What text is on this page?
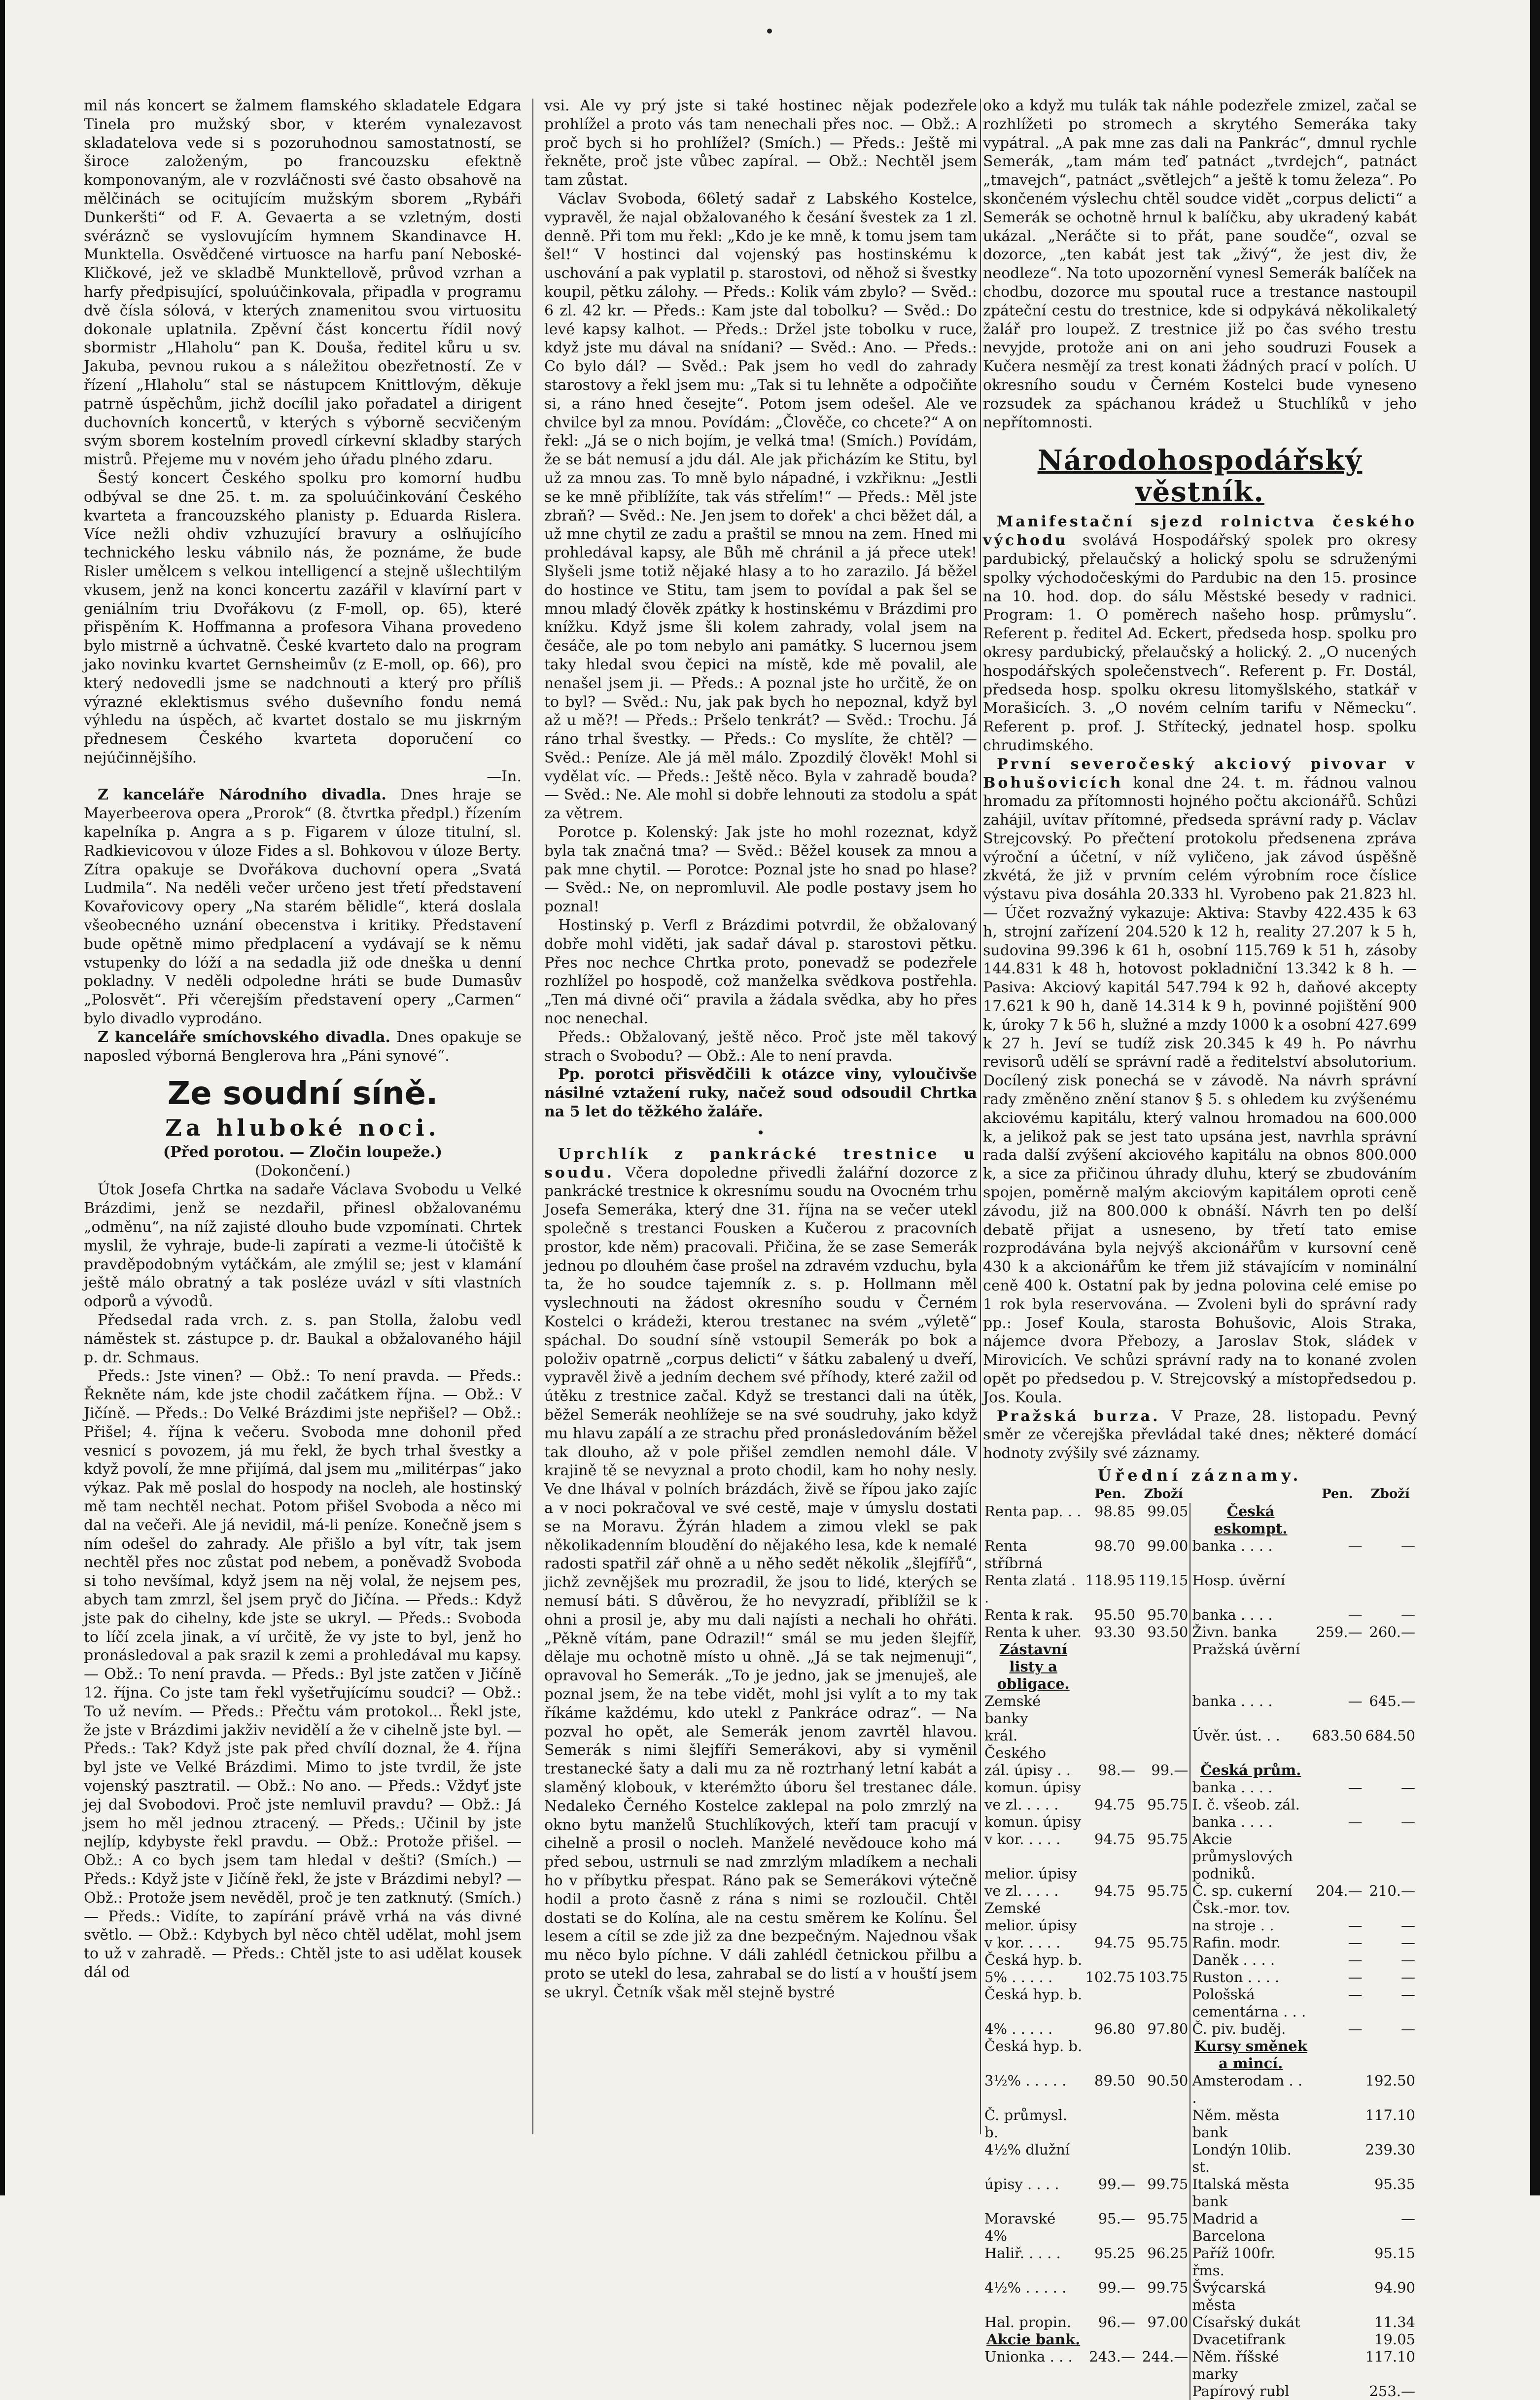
mil nás koncert se žalmem flamského skladatele Edgara Tinela pro mužský sbor, v kterém vynalezavost skladatelova vede si s pozoruhodnou samostatností, se široce založeným, po francouzsku efektně komponovaným, ale v rozvláčnosti své často obsahově na mělčinách se ocitujícím mužským sborem „Rybáři Dunkeršti“ od F. A. Gevaerta a se vzletným, dosti svéráznč se vyslovujícím hymnem Skandinavce H. Munktella. Osvědčené virtuosce na harfu paní Neboské-Kličkové, jež ve skladbě Munktellově, průvod vzrhan a harfy předpisující, spoluúčinkovala, připadla v programu dvě čísla sólová, v kterých znamenitou svou virtuositu dokonale uplatnila. Zpěvní část koncertu řídil nový sbormistr „Hlaholu“ pan K. Douša, ředitel kůru u sv. Jakuba, pevnou rukou a s náležitou obezřetností. Ze v řízení „Hlaholu“ stal se nástupcem Knittlovým, děkuje patrně úspěchům, jichž docílil jako pořadatel a dirigent duchovních koncertů, v kterých s výborně secvičeným svým sborem kostelním provedl církevní skladby starých mistrů. Přejeme mu v novém jeho úřadu plného zdaru.

Šestý koncert Českého spolku pro komorní hudbu odbýval se dne 25. t. m. za spoluúčinkování Českého kvarteta a francouzského planisty p. Eduarda Rislera. Více nežli ohdiv vzhuzující bravury a oslňujícího technického lesku vábnilo nás, že poznáme, že bude Risler umělcem s velkou intelligencí a stejně ušlechtilým vkusem, jenž na konci koncertu zazářil v klavírní part v geniálním triu Dvořákovu (z F-moll, op. 65), které přispěním K. Hoffmanna a profesora Vihana provedeno bylo mistrně a úchvatně. České kvarteto dalo na program jako novinku kvartet Gernsheimův (z E-moll, op. 66), pro který nedovedli jsme se nadchnouti a který pro příliš výrazné eklektismus svého duševního fondu nemá výhledu na úspěch, ač kvartet dostalo se mu jiskrným přednesem Českého kvarteta doporučení co nejúčinnějšího.

—In.

Z kanceláře Národního divadla. Dnes hraje se Mayerbeerova opera „Prorok“ (8. čtvrtka předpl.) řízením kapelníka p. Angra a s p. Figarem v úloze titulní, sl. Radkievicovou v úloze Fides a sl. Bohkovou v úloze Berty. Zítra opakuje se Dvořákova duchovní opera „Svatá Ludmila“. Na neděli večer určeno jest třetí představení Kovařovicovy opery „Na starém bělidle“, která doslala všeobecného uznání obecenstva i kritiky. Představení bude opětně mimo předplacení a vydávají se k němu vstupenky do lóží a na sedadla již ode dneška u denní pokladny. V neděli odpoledne hráti se bude Dumasův „Polosvět“. Při včerejším představení opery „Carmen“ bylo divadlo vyprodáno.

Z kanceláře smíchovského divadla. Dnes opakuje se naposled výborná Benglerova hra „Páni synové“.

Ze soudní síně.
Za hluboké noci.
(Před porotou. — Zločin loupeže.)
(Dokončení.)

Útok Josefa Chrtka na sadaře Václava Svobodu u Velké Brázdimi, jenž se nezdařil, přinesl obžalovanému „odměnu“, na níž zajisté dlouho bude vzpomínati. Chrtek myslil, že vyhraje, bude-li zapírati a vezme-li útočiště k pravděpodobným vytáčkám, ale zmýlil se; jest v klamání ještě málo obratný a tak posléze uvázl v síti vlastních odporů a vývodů.

Předsedal rada vrch. z. s. pan Stolla, žalobu vedl náměstek st. zástupce p. dr. Baukal a obžalovaného hájil p. dr. Schmaus.

Předs.: Jste vinen? — Obž.: To není pravda. — Předs.: Řekněte nám, kde jste chodil začátkem října. — Obž.: V Jičíně. — Předs.: Do Velké Brázdimi jste nepřišel? — Obž.: Přišel; 4. října k večeru. Svoboda mne dohonil před vesnicí s povozem, já mu řekl, že bych trhal švestky a když povolí, že mne přijímá, dal jsem mu „militérpas“ jako výkaz. Pak mě poslal do hospody na nocleh, ale hostinský mě tam nechtěl nechat. Potom přišel Svoboda a něco mi dal na večeři. Ale já nevidil, má-li peníze. Konečně jsem s ním odešel do zahrady. Ale přišlo a byl vítr, tak jsem nechtěl přes noc zůstat pod nebem, a poněvadž Svoboda si toho nevšímal, když jsem na něj volal, že nejsem pes, abych tam zmrzl, šel jsem pryč do Jičína. — Předs.: Když jste pak do cihelny, kde jste se ukryl. — Předs.: Svoboda to líčí zcela jinak, a ví určitě, že vy jste to byl, jenž ho pronásledoval a pak srazil k zemi a prohledával mu kapsy. — Obž.: To není pravda. — Předs.: Byl jste zatčen v Jičíně 12. října. Co jste tam řekl vyšetřujícímu soudci? — Obž.: To už nevím. — Předs.: Přečtu vám protokol... Řekl jste, že jste v Brázdimi jakživ nevidělí a že v cihelně jste byl. — Předs.: Tak? Když jste pak před chvílí doznal, že 4. října byl jste ve Velké Brázdimi. Mimo to jste tvrdil, že jste vojenský pasztratil. — Obž.: No ano. — Předs.: Vždyť jste jej dal Svobodovi. Proč jste nemluvil pravdu? — Obž.: Já jsem ho měl jednou ztracený. — Předs.: Učinil by jste nejlíp, kdybyste řekl pravdu. — Obž.: Protože přišel. — Obž.: A co bych jsem tam hledal v dešti? (Smích.) — Předs.: Když jste v Jičíně řekl, že jste v Brázdimi nebyl? — Obž.: Protože jsem nevěděl, proč je ten zatknutý. (Smích.) — Předs.: Vidíte, to zapírání právě vrhá na vás divné světlo. — Obž.: Kdybych byl něco chtěl udělat, mohl jsem to už v zahradě. — Předs.: Chtěl jste to asi udělat kousek dál od

vsi. Ale vy prý jste si také hostinec nějak podezřele prohlížel a proto vás tam nenechali přes noc. — Obž.: A proč bych si ho prohlížel? (Smích.) — Předs.: Ještě mi řekněte, proč jste vůbec zapíral. — Obž.: Nechtěl jsem tam zůstat.

Václav Svoboda, 66letý sadař z Labského Kostelce, vypravěl, že najal obžalovaného k česání švestek za 1 zl. denně. Při tom mu řekl: „Kdo je ke mně, k tomu jsem tam šel!“ V hostinci dal vojenský pas hostinskému k uschování a pak vyplatil p. starostovi, od něhož si švestky koupil, pětku zálohy. — Předs.: Kolik vám zbylo? — Svěd.: 6 zl. 42 kr. — Předs.: Kam jste dal tobolku? — Svěd.: Do levé kapsy kalhot. — Předs.: Držel jste tobolku v ruce, když jste mu dával na snídani? — Svěd.: Ano. — Předs.: Co bylo dál? — Svěd.: Pak jsem ho vedl do zahrady starostovy a řekl jsem mu: „Tak si tu lehněte a odpočiňte si, a ráno hned česejte“. Potom jsem odešel. Ale ve chvilce byl za mnou. Povídám: „Člověče, co chcete?“ A on řekl: „Já se o nich bojím, je velká tma! (Smích.) Povídám, že se bát nemusí a jdu dál. Ale jak přicházím ke Stitu, byl už za mnou zas. To mně bylo nápadné, i vzkřiknu: „Jestli se ke mně přiblížíte, tak vás střelím!“ — Předs.: Měl jste zbraň? — Svěd.: Ne. Jen jsem to dořek' a chci běžet dál, a už mne chytil ze zadu a praštil se mnou na zem. Hned mi prohledával kapsy, ale Bůh mě chránil a já přece utek! Slyšeli jsme totiž nějaké hlasy a to ho zarazilo. Já běžel do hostince ve Stitu, tam jsem to povídal a pak šel se mnou mladý člověk zpátky k hostinskému v Brázdimi pro knížku. Když jsme šli kolem zahrady, volal jsem na česáče, ale po tom nebylo ani památky. S lucernou jsem taky hledal svou čepici na místě, kde mě povalil, ale nenašel jsem ji. — Předs.: A poznal jste ho určitě, že on to byl? — Svěd.: Nu, jak pak bych ho nepoznal, když byl až u mě?! — Předs.: Pršelo tenkrát? — Svěd.: Trochu. Já ráno trhal švestky. — Předs.: Co myslíte, že chtěl? — Svěd.: Peníze. Ale já měl málo. Zpozdilý člověk! Mohl si vydělat víc. — Předs.: Ještě něco. Byla v zahradě bouda? — Svěd.: Ne. Ale mohl si dobře lehnouti za stodolu a spát za větrem.

Porotce p. Kolenský: Jak jste ho mohl rozeznat, když byla tak značná tma? — Svěd.: Běžel kousek za mnou a pak mne chytil. — Porotce: Poznal jste ho snad po hlase? — Svěd.: Ne, on nepromluvil. Ale podle postavy jsem ho poznal!

Hostinský p. Verfl z Brázdimi potvrdil, že obžalovaný dobře mohl viděti, jak sadař dával p. starostovi pětku. Přes noc nechce Chrtka proto, ponevadž se podezřele rozhlížel po hospodě, což manželka svědkova postřehla. „Ten má divné oči“ pravila a žádala svědka, aby ho přes noc nenechal.

Předs.: Obžalovaný, ještě něco. Proč jste měl takový strach o Svobodu? — Obž.: Ale to není pravda.

Pp. porotci přisvědčili k otázce viny, vyloučivše násilné vztažení ruky, načež soud odsoudil Chrtka na 5 let do těžkého žaláře.

•

Uprchlík z pankrácké trestnice u soudu. Včera dopoledne přivedli žalářní dozorce z pankrácké trestnice k okresnímu soudu na Ovocném trhu Josefa Semeráka, který dne 31. října na se večer utekl společně s trestanci Fousken a Kučerou z pracovních prostor, kde něm) pracovali. Přičina, že se zase Semerák jednou po dlouhém čase prošel na zdravém vzduchu, byla ta, že ho soudce tajemník z. s. p. Hollmann měl vyslechnouti na žádost okresního soudu v Černém Kostelci o krádeži, kterou trestanec na svém „výletě“ spáchal. Do soudní síně vstoupil Semerák po bok a položiv opatrně „corpus delicti“ v šátku zabalený u dveří, vypravěl živě a jedním dechem své příhody, které zažil od útěku z trestnice začal. Když se trestanci dali na útěk, běžel Semerák neohlížeje se na své soudruhy, jako když mu hlavu zapálí a ze strachu před pronásledováním běžel tak dlouho, až v pole přišel zemdlen nemohl dále. V krajině tě se nevyznal a proto chodil, kam ho nohy nesly. Ve dne lhával v polních brázdách, živě se řípou jako zajíc a v noci pokračoval ve své cestě, maje v úmyslu dostati se na Moravu. Žýrán hladem a zimou vlekl se pak několikadenním bloudění do nějakého lesa, kde k nemalé radosti spatřil zář ohně a u něho sedět několik „šlejfířů“, jichž zevnějšek mu prozradil, že jsou to lidé, kterých se nemusí báti. S důvěrou, že ho nevyzradí, přiblížil se k ohni a prosil je, aby mu dali najísti a nechali ho ohřáti. „Pěkně vítám, pane Odrazil!“ smál se mu jeden šlejfíř, dělaje mu ochotně místo u ohně. „Já se tak nejmenuji“, opravoval ho Semerák. „To je jedno, jak se jmenuješ, ale poznal jsem, že na tebe vidět, mohl jsi vylít a to my tak říkáme každému, kdo utekl z Pankráce odraz“. — Na pozval ho opět, ale Semerák jenom zavrtěl hlavou. Semerák s nimi šlejfíři Semerákovi, aby si vyměnil trestanecké šaty a dali mu za ně roztrhaný letní kabát a slaměný klobouk, v kterémžto úboru šel trestanec dále. Nedaleko Černého Kostelce zaklepal na polo zmrzlý na okno bytu manželů Stuchlíkových, kteří tam pracují v cihelně a prosil o nocleh. Manželé nevědouce koho má před sebou, ustrnuli se nad zmrzlým mladíkem a nechali ho v příbytku přespat. Ráno pak se Semerákovi výtečně hodil a proto časně z rána s nimi se rozloučil. Chtěl dostati se do Kolína, ale na cestu směrem ke Kolínu. Šel lesem a cítil se zde již za dne bezpečným. Najednou však mu něco bylo píchne. V dáli zahlédl četnickou přilbu a proto se utekl do lesa, zahrabal se do listí a v houští jsem se ukryl. Četník však měl stejně bystré

oko a když mu tulák tak náhle podezřele zmizel, začal se rozhlížeti po stromech a skrytého Semeráka taky vypátral. „A pak mne zas dali na Pankrác“, dmnul rychle Semerák, „tam mám teď patnáct „tvrdejch“, patnáct „tmavejch“, patnáct „světlejch“ a ještě k tomu železa“. Po skončeném výslechu chtěl soudce vidět „corpus delicti“ a Semerák se ochotně hrnul k balíčku, aby ukradený kabát ukázal. „Neráčte si to přát, pane soudče“, ozval se dozorce, „ten kabát jest tak „živý“, že jest div, že neodleze“. Na toto upozornění vynesl Semerák balíček na chodbu, dozorce mu spoutal ruce a trestance nastoupil zpáteční cestu do trestnice, kde si odpykává několikaletý žalář pro loupež. Z trestnice již po čas svého trestu nevyjde, protože ani on ani jeho soudruzi Fousek a Kučera nesmějí za trest konati žádných prací v polích. U okresního soudu v Černém Kostelci bude vyneseno rozsudek za spáchanou krádež u Stuchlíků v jeho nepřítomnosti.

Národohospodářský věstník.

Manifestační sjezd rolnictva českého východu svolává Hospodářský spolek pro okresy pardubický, přelaučský a holický spolu se sdruženými spolky východočeskými do Pardubic na den 15. prosince na 10. hod. dop. do sálu Městské besedy v radnici. Program: 1. O poměrech našeho hosp. průmyslu“. Referent p. ředitel Ad. Eckert, předseda hosp. spolku pro okresy pardubický, přelaučský a holický. 2. „O nucených hospodářských společenstvech“. Referent p. Fr. Dostál, předseda hosp. spolku okresu litomyšlského, statkář v Morašicích. 3. „O novém celním tarifu v Německu“. Referent p. prof. J. Střítecký, jednatel hosp. spolku chrudimského.

První severočeský akciový pivovar v Bohušovicích konal dne 24. t. m. řádnou valnou hromadu za přítomnosti hojného počtu akcionářů. Schůzi zahájil, uvítav přítomné, předseda správní rady p. Václav Strejcovský. Po přečtení protokolu předsenena zpráva výroční a účetní, v níž vyličeno, jak závod úspěšně zkvétá, že již v prvním celém výrobním roce číslice výstavu piva dosáhla 20.333 hl. Vyrobeno pak 21.823 hl. — Účet rozvažný vykazuje: Aktiva: Stavby 422.435 k 63 h, strojní zařízení 204.520 k 12 h, reality 27.207 k 5 h, sudovina 99.396 k 61 h, osobní 115.769 k 51 h, zásoby 144.831 k 48 h, hotovost pokladniční 13.342 k 8 h. — Pasiva: Akciový kapitál 547.794 k 92 h, daňové akcepty 17.621 k 90 h, daně 14.314 k 9 h, povinné pojištění 900 k, úroky 7 k 56 h, služné a mzdy 1000 k a osobní 427.699 k 27 h. Jeví se tudíž zisk 20.345 k 49 h. Po návrhu revisorů udělí se správní radě a ředitelství absolutorium. Docílený zisk ponechá se v závodě. Na návrh správní rady změněno znění stanov § 5. s ohledem ku zvýšenému akciovému kapitálu, který valnou hromadou na 600.000 k, a jelikož pak se jest tato upsána jest, navrhla správní rada další zvýšení akciového kapitálu na obnos 800.000 k, a sice za přičinou úhrady dluhu, který se zbudováním spojen, poměrně malým akciovým kapitálem oproti ceně závodu, již na 800.000 k obnáší. Návrh ten po delší debatě přijat a usneseno, by třetí tato emise rozprodávána byla nejvýš akcionářům v kursovní ceně 430 k a akcionářům ke třem již stávajícím v nominální ceně 400 k. Ostatní pak by jedna polovina celé emise po 1 rok byla reservována. — Zvoleni byli do správní rady pp.: Josef Koula, starosta Bohušovic, Alois Straka, nájemce dvora Přebozy, a Jaroslav Stok, sládek v Mirovicích. Ve schůzi správní rady na to konané zvolen opět po předsedou p. V. Strejcovský a místopředsedou p. Jos. Koula.

Pražská burza. V Praze, 28. listopadu. Pevný směr ze včerejška převládal také dnes; některé domácí hodnoty zvýšily své záznamy.

Úřední záznamy.
	Pen.	Zboží		Pen.	Zboží
Renta pap. . .	98.85	99.05	Česká eskompt.		
Renta stříbrná	98.70	99.00	banka . . . .	—	—
Renta zlatá . .	118.95	119.15	Hosp. úvěrní		
Renta k rak.	95.50	95.70	banka . . . .	—	—
Renta k uher.	93.30	93.50	Živn. banka	259.—	260.—
Zástavní listy a obligace.			Pražská úvěrní		
Zemské banky			banka . . . .	—	645.—
král. Českého			Úvěr. úst. . .	683.50	684.50
zál. úpisy . .	98.—	99.—	Česká prům.		
komun. úpisy			banka . . . .	—	—
ve zl. . . . .	94.75	95.75	I. č. všeob. zál.		
komun. úpisy			banka . . . .	—	—
v kor. . . . .	94.75	95.75	Akcie průmyslových		
melior. úpisy			podniků.		
ve zl. . . . .	94.75	95.75	Č. sp. cukerní	204.—	210.—
Zemské			Čsk.-mor. tov.		
melior. úpisy			na stroje . .	—	—
v kor. . . . .	94.75	95.75	Rafin. modr.	—	—
Česká hyp. b.			Daněk . . . .	—	—
5% . . . . .	102.75	103.75	Ruston . . . .	—	—
Česká hyp. b.			Pološská cementárna . . .	—	—
4% . . . . .	96.80	97.80	Č. piv. buděj.	—	—
Česká hyp. b.			Kursy směnek a mincí.		
3½% . . . . .	89.50	90.50	Amsterodam . . .		192.50
Č. průmysl. b.			Něm. města bank		117.10
4½% dlužní			Londýn 10lib. st.		239.30
úpisy . . . .	99.—	99.75	Italská města bank		95.35
Moravské 4%	95.—	95.75	Madrid a Barcelona		—
Haliř. . . . .	95.25	96.25	Paříž 100fr. řms.		95.15
4½% . . . . .	99.—	99.75	Švýcarská města		94.90
Hal. propin.	96.—	97.00	Císařský dukát		11.34
Akcie bank.			Dvacetifrank		19.05
Unionka . . .	243.—	244.—	Něm. říšské marky		117.10
			Papírový rubl		253.—
